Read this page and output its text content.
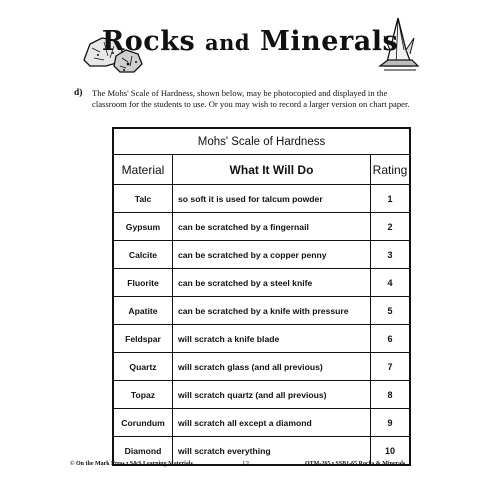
Rocks and Minerals
d) The Mohs' Scale of Hardness, shown below, may be photocopied and displayed in the classroom for the students to use. Or you may wish to record a larger version on chart paper.
Mohs' Scale of Hardness		
Material	What It Will Do	Rating
Talc	so soft it is used for talcum powder	1
Gypsum	can be scratched by a fingernail	2
Calcite	can be scratched by a copper penny	3
Fluorite	can be scratched by a steel knife	4
Apatite	can be scratched by a knife with pressure	5
Feldspar	will scratch a knife blade	6
Quartz	will scratch glass (and all previous)	7
Topaz	will scratch quartz (and all previous)	8
Corundum	will scratch all except a diamond	9
Diamond	will scratch everything	10
© On the Mark Press • S&S Learning Materials	12	OTM-265 • SSB1-65 Rocks & Minerals
